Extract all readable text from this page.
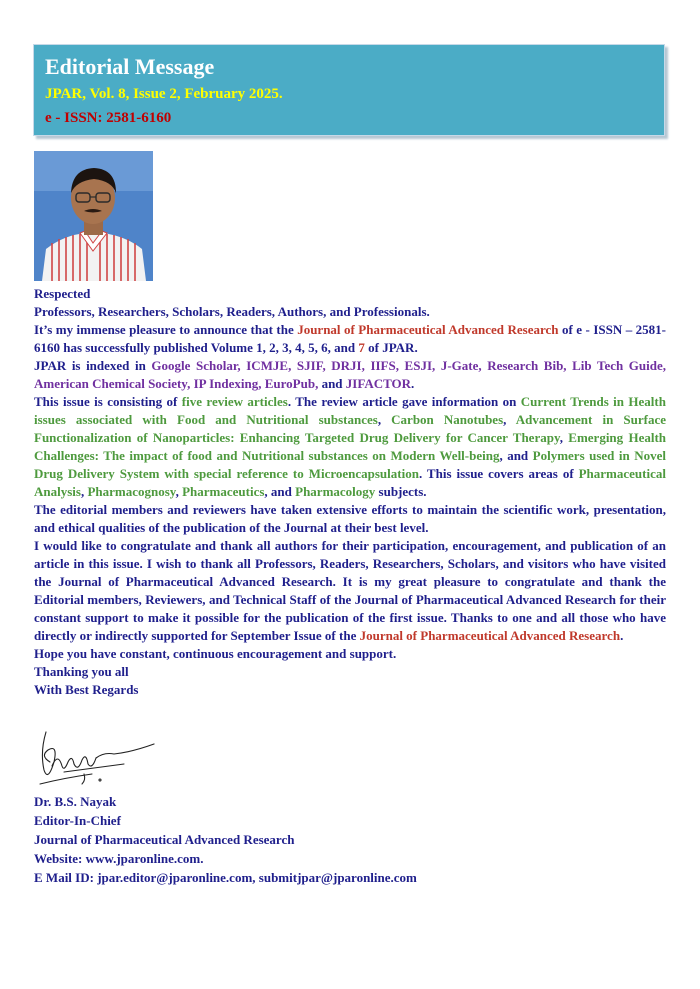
Editorial Message
JPAR, Vol. 8, Issue 2, February 2025.
e - ISSN: 2581-6160

Respected

Professors, Researchers, Scholars, Readers, Authors, and Professionals.

It’s my immense pleasure to announce that the Journal of Pharmaceutical Advanced Research of e - ISSN – 2581-6160 has successfully published Volume 1, 2, 3, 4, 5, 6, and 7 of JPAR.

JPAR is indexed in Google Scholar, ICMJE, SJIF, DRJI, IIFS, ESJI, J-Gate, Research Bib, Lib Tech Guide, American Chemical Society, IP Indexing, EuroPub, and JIFACTOR.

This issue is consisting of five review articles. The review article gave information on Current Trends in Health issues associated with Food and Nutritional substances, Carbon Nanotubes, Advancement in Surface Functionalization of Nanoparticles: Enhancing Targeted Drug Delivery for Cancer Therapy, Emerging Health Challenges: The impact of food and Nutritional substances on Modern Well-being, and Polymers used in Novel Drug Delivery System with special reference to Microencapsulation. This issue covers areas of Pharmaceutical Analysis, Pharmacognosy, Pharmaceutics, and Pharmacology subjects.

The editorial members and reviewers have taken extensive efforts to maintain the scientific work, presentation, and ethical qualities of the publication of the Journal at their best level.

I would like to congratulate and thank all authors for their participation, encouragement, and publication of an article in this issue. I wish to thank all Professors, Readers, Researchers, Scholars, and visitors who have visited the Journal of Pharmaceutical Advanced Research. It is my great pleasure to congratulate and thank the Editorial members, Reviewers, and Technical Staff of the Journal of Pharmaceutical Advanced Research for their constant support to make it possible for the publication of the first issue. Thanks to one and all those who have directly or indirectly supported for September Issue of the Journal of Pharmaceutical Advanced Research.

Hope you have constant, continuous encouragement and support.

Thanking you all

With Best Regards

Dr. B.S. Nayak
Editor-In-Chief
Journal of Pharmaceutical Advanced Research
Website: www.jparonline.com.
E Mail ID: jpar.editor@jparonline.com, submitjpar@jparonline.com
